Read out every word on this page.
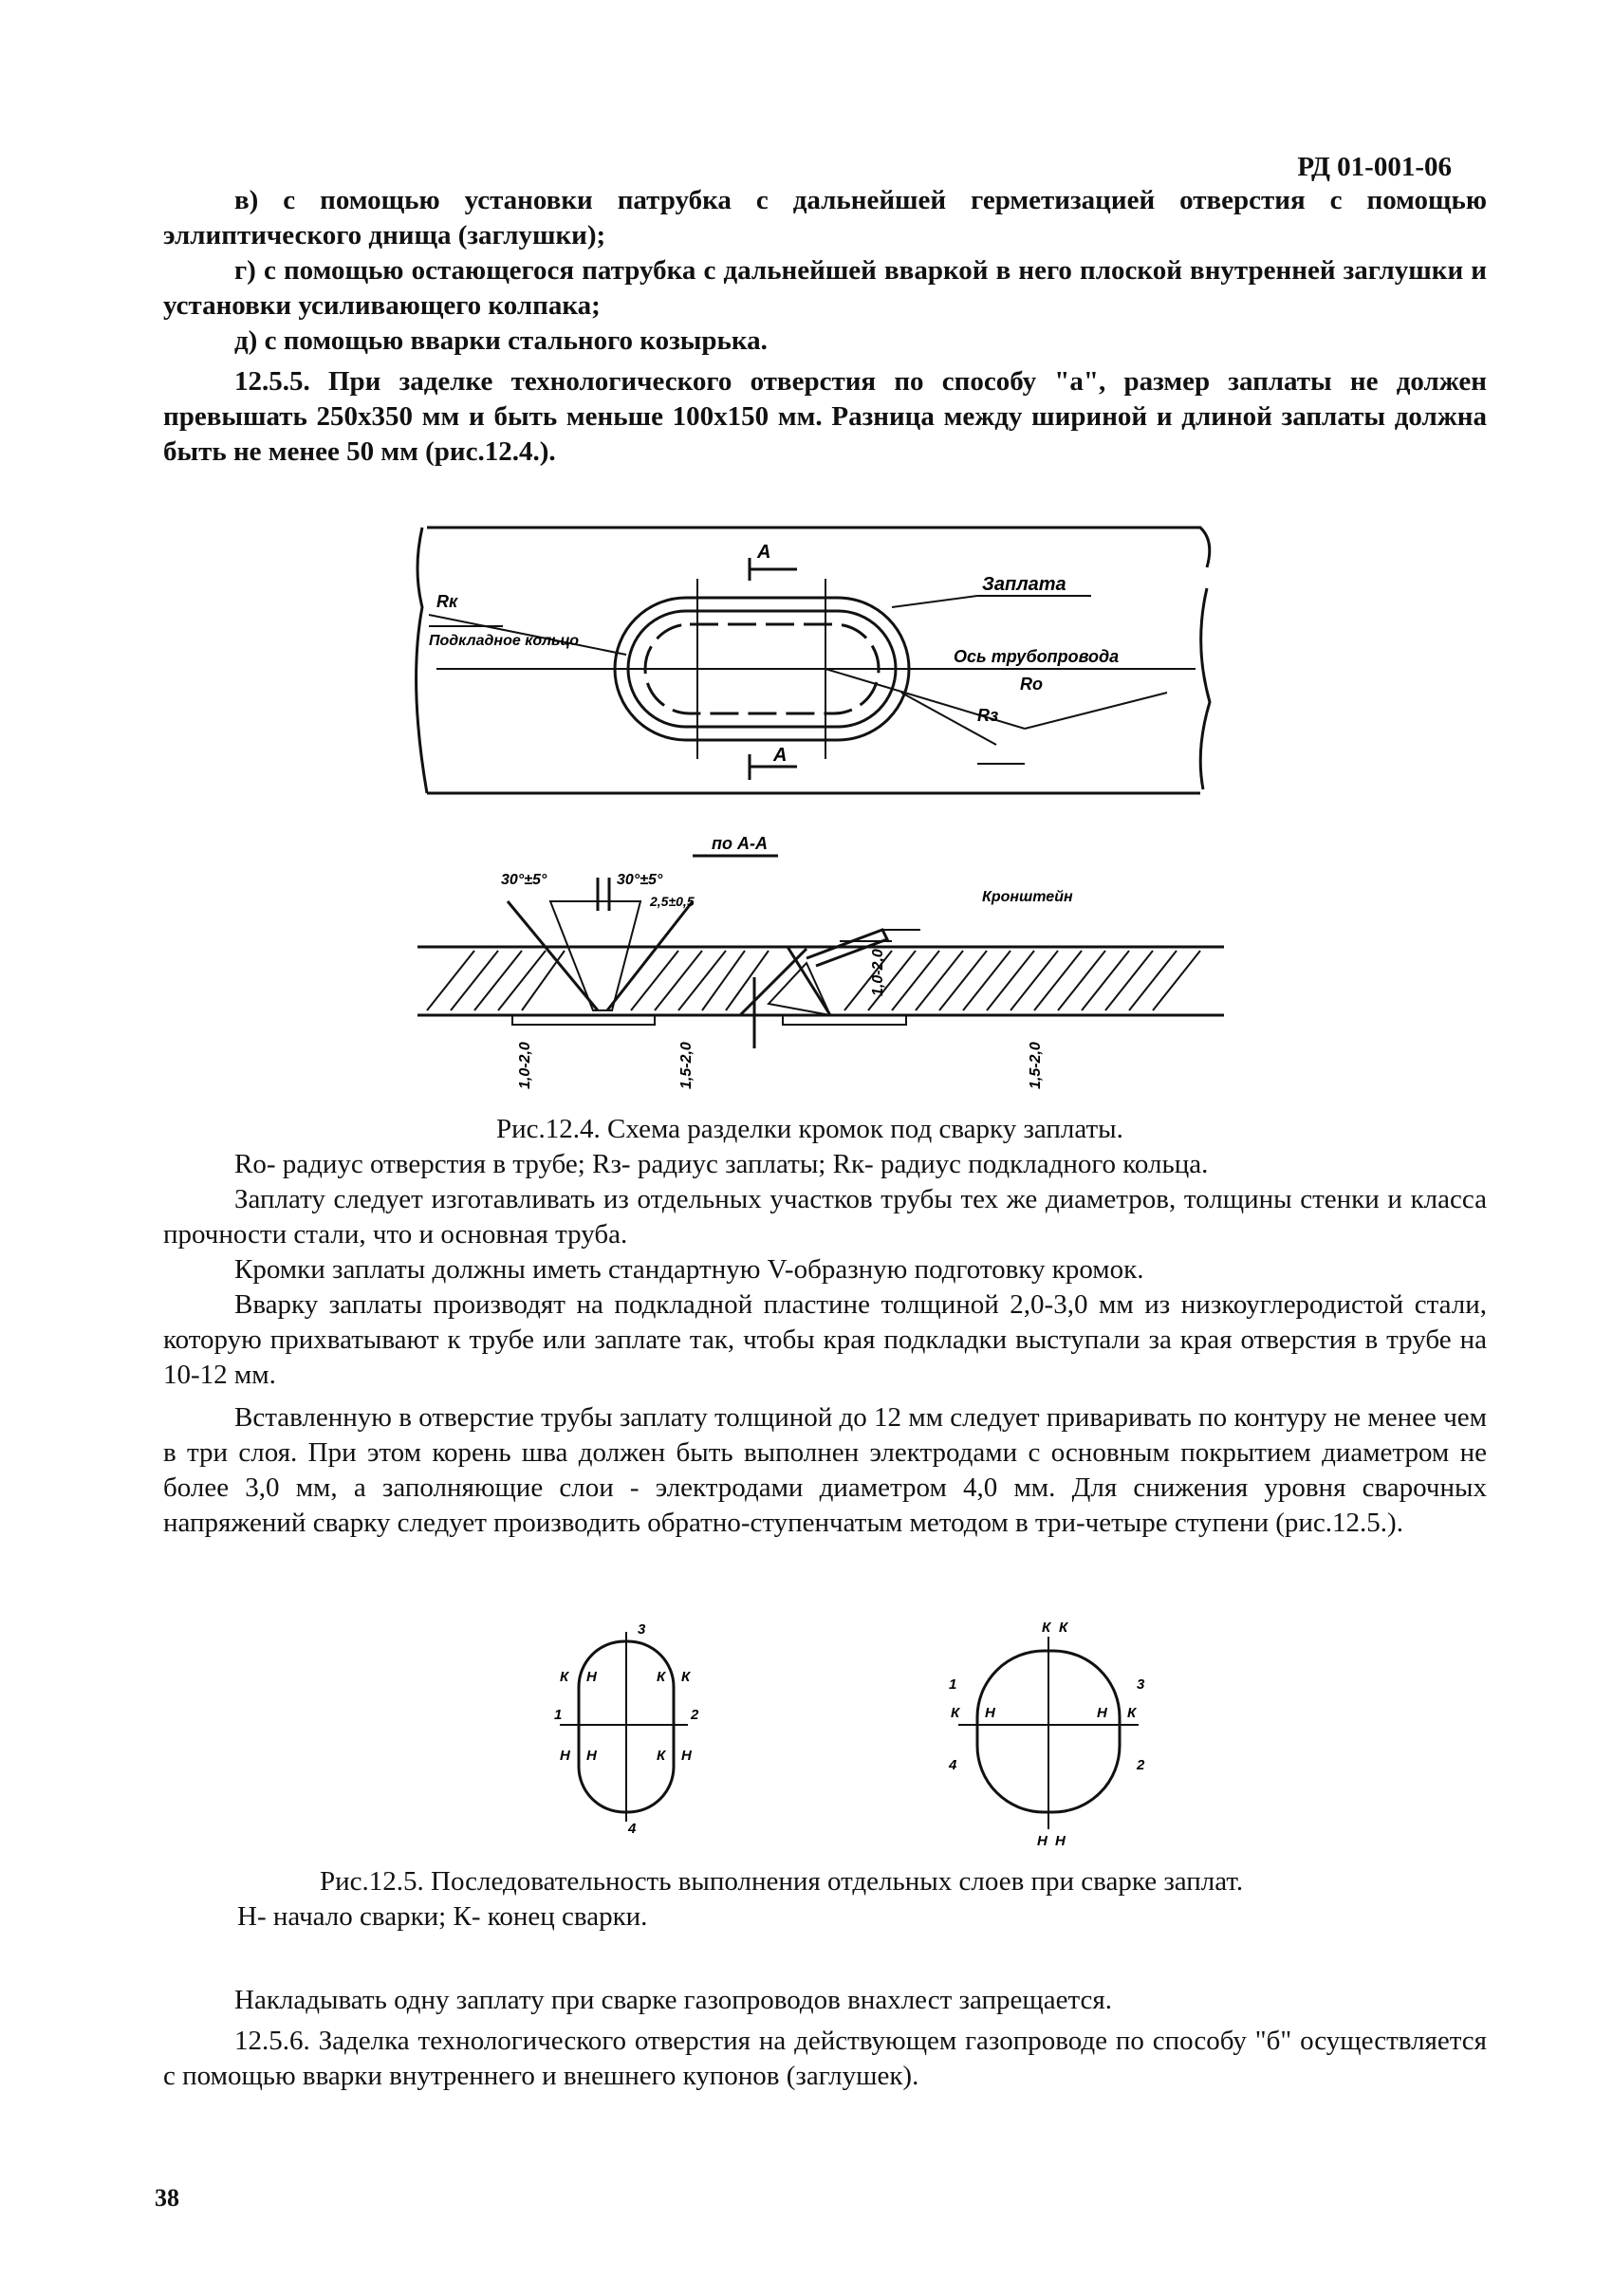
РД 01-001-06

в) с помощью установки патрубка с дальнейшей герметизацией отверстия с помощью эллиптического днища (заглушки);

г) с помощью остающегося патрубка с дальнейшей вваркой в него плоской внутренней заглушки и установки усиливающего колпака;

д) с помощью вварки стального козырька.

12.5.5. При заделке технологического отверстия по способу "а", размер заплаты не должен превышать 250х350 мм и быть меньше 100х150 мм. Разница между шириной и длиной заплаты должна быть не менее 50 мм (рис.12.4.).

А
А
Rк
Подкладное кольцо
Заплата
Ось трубопровода
Rо
Rз
по А-А
30°±5°	30°±5°
2,5±0,5	Кронштейн
1,0-2,0
1,0-2,0	1,5-2,0	1,5-2,0
Рис.12.4. Схема разделки кромок под сварку заплаты.

Rо- радиус отверстия в трубе; Rз- радиус заплаты; Rк- радиус подкладного кольца.

Заплату следует изготавливать из отдельных участков трубы тех же диаметров, толщины стенки и класса прочности стали, что и основная труба.

Кромки заплаты должны иметь стандартную V-образную подготовку кромок.

Вварку заплаты производят на подкладной пластине толщиной 2,0-3,0 мм из низкоуглеродистой стали, которую прихватывают к трубе или заплате так, чтобы края подкладки выступали за края отверстия в трубе на 10-12 мм.

Вставленную в отверстие трубы заплату толщиной до 12 мм следует приваривать по контуру не менее чем в три слоя. При этом корень шва должен быть выполнен электродами с основным покрытием диаметром не более 3,0 мм, а заполняющие слои - электродами диаметром 4,0 мм. Для снижения уровня сварочных напряжений сварку следует производить обратно-ступенчатым методом в три-четыре ступени (рис.12.5.).

3
1	2
4
К Н	К К
Н Н	К Н
К К
1	3
4	2
К Н	Н К
Н Н
Рис.12.5. Последовательность выполнения отдельных слоев при сварке заплат.
Н- начало сварки; К- конец сварки.

Накладывать одну заплату при сварке газопроводов внахлест запрещается.

12.5.6. Заделка технологического отверстия на действующем газопроводе по способу "б" осуществляется с помощью вварки внутреннего и внешнего купонов (заглушек).

38
